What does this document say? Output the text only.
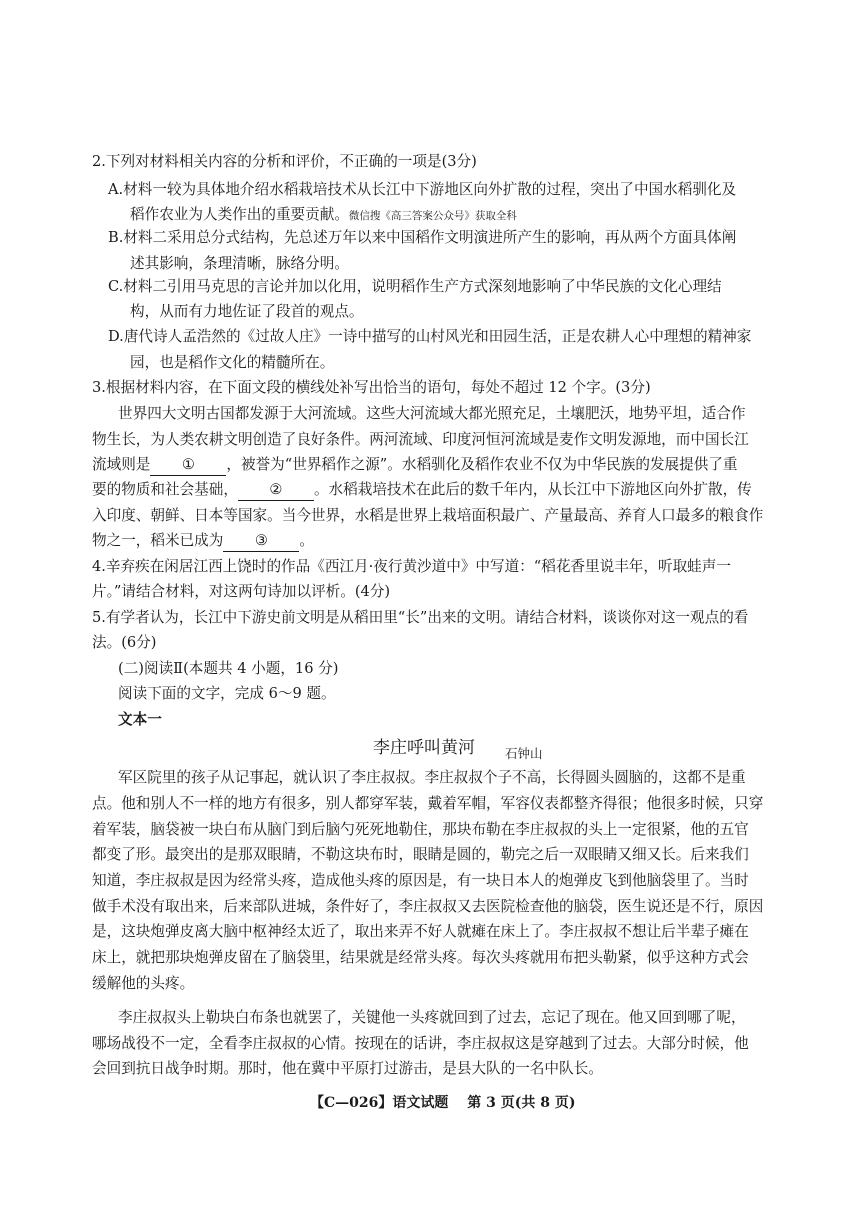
2.下列对材料相关内容的分析和评价，不正确的一项是(3分)
A.材料一较为具体地介绍水稻栽培技术从长江中下游地区向外扩散的过程，突出了中国水稻驯化及
稻作农业为人类作出的重要贡献。微信搜《高三答案公众号》获取全科
B.材料二采用总分式结构，先总述万年以来中国稻作文明演进所产生的影响，再从两个方面具体阐
述其影响，条理清晰，脉络分明。
C.材料二引用马克思的言论并加以化用，说明稻作生产方式深刻地影响了中华民族的文化心理结
构，从而有力地佐证了段首的观点。
D.唐代诗人孟浩然的《过故人庄》一诗中描写的山村风光和田园生活，正是农耕人心中理想的精神家
园，也是稻作文化的精髓所在。
3.根据材料内容，在下面文段的横线处补写出恰当的语句，每处不超过 12 个字。(3分)
世界四大文明古国都发源于大河流域。这些大河流域大都光照充足，土壤肥沃，地势平坦，适合作
物生长，为人类农耕文明创造了良好条件。两河流域、印度河恒河流域是麦作文明发源地，而中国长江
流域则是 ① ，被誉为“世界稻作之源”。水稻驯化及稻作农业不仅为中华民族的发展提供了重
要的物质和社会基础， ② 。水稻栽培技术在此后的数千年内，从长江中下游地区向外扩散，传
入印度、朝鲜、日本等国家。当今世界，水稻是世界上栽培面积最广、产量最高、养育人口最多的粮食作
物之一，稻米已成为 ③ 。
4.辛弃疾在闲居江西上饶时的作品《西江月·夜行黄沙道中》中写道：“稻花香里说丰年，听取蛙声一
片。”请结合材料，对这两句诗加以评析。(4分)
5.有学者认为，长江中下游史前文明是从稻田里“长”出来的文明。请结合材料，谈谈你对这一观点的看
法。(6分)
(二)阅读Ⅱ(本题共 4 小题，16 分)
阅读下面的文字，完成 6～9 题。
文本一
李庄呼叫黄河 石钟山
军区院里的孩子从记事起，就认识了李庄叔叔。李庄叔叔个子不高，长得圆头圆脑的，这都不是重
点。他和别人不一样的地方有很多，别人都穿军装，戴着军帽，军容仪表都整齐得很；他很多时候，只穿
着军装，脑袋被一块白布从脑门到后脑勺死死地勒住，那块布勒在李庄叔叔的头上一定很紧，他的五官
都变了形。最突出的是那双眼睛，不勒这块布时，眼睛是圆的，勒完之后一双眼睛又细又长。后来我们
知道，李庄叔叔是因为经常头疼，造成他头疼的原因是，有一块日本人的炮弹皮飞到他脑袋里了。当时
做手术没有取出来，后来部队进城，条件好了，李庄叔叔又去医院检查他的脑袋，医生说还是不行，原因
是，这块炮弹皮离大脑中枢神经太近了，取出来弄不好人就瘫在床上了。李庄叔叔不想让后半辈子瘫在
床上，就把那块炮弹皮留在了脑袋里，结果就是经常头疼。每次头疼就用布把头勒紧，似乎这种方式会
缓解他的头疼。
李庄叔叔头上勒块白布条也就罢了，关键他一头疼就回到了过去，忘记了现在。他又回到哪了呢，
哪场战役不一定，全看李庄叔叔的心情。按现在的话讲，李庄叔叔这是穿越到了过去。大部分时候，他
会回到抗日战争时期。那时，他在冀中平原打过游击，是县大队的一名中队长。
【C—026】语文试题　 第 3 页(共 8 页)
